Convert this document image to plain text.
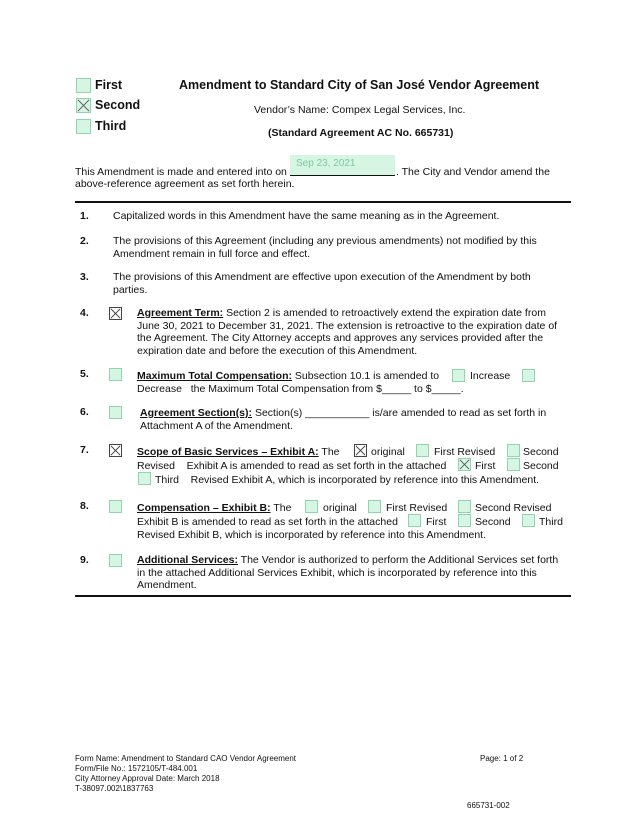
First
Second
Third
Amendment to Standard City of San José Vendor Agreement
Vendor’s Name: Compex Legal Services, Inc.
(Standard Agreement AC No. 665731)
This Amendment is made and entered into on
Sep 23, 2021
. The City and Vendor amend the
above-reference agreement as set forth herein.
1. Capitalized words in this Amendment have the same meaning as in the Agreement.
2. The provisions of this Agreement (including any previous amendments) not modified by this
Amendment remain in full force and effect.
3. The provisions of this Amendment are effective upon execution of the Amendment by both
parties.
4.	Agreement Term: Section 2 is amended to retroactively extend the expiration date from
June 30, 2021 to December 31, 2021. The extension is retroactive to the expiration date of
the Agreement. The City Attorney accepts and approves any services provided after the
expiration date and before the execution of this Amendment.
5.	Maximum Total Compensation: Subsection 10.1 is amended to	Increase
Decrease the Maximum Total Compensation from $_____ to $_____.
6.	Agreement Section(s): Section(s) ___________ is/are amended to read as set forth in
Attachment A of the Amendment.
7.	Scope of Basic Services – Exhibit A: The	original	First Revised	Second
Revised Exhibit A is amended to read as set forth in the attached	First	Second
Third Revised Exhibit A, which is incorporated by reference into this Amendment.
8.	Compensation – Exhibit B: The	original	First Revised	Second Revised
Exhibit B is amended to read as set forth in the attached	First	Second	Third
Revised Exhibit B, which is incorporated by reference into this Amendment.
9.	Additional Services: The Vendor is authorized to perform the Additional Services set forth
in the attached Additional Services Exhibit, which is incorporated by reference into this
Amendment.
Form Name: Amendment to Standard CAO Vendor Agreement
Form/File No.: 1572105/T-484.001
City Attorney Approval Date: March 2018
T-38097.002\1837763
Page: 1 of 2
665731-002
